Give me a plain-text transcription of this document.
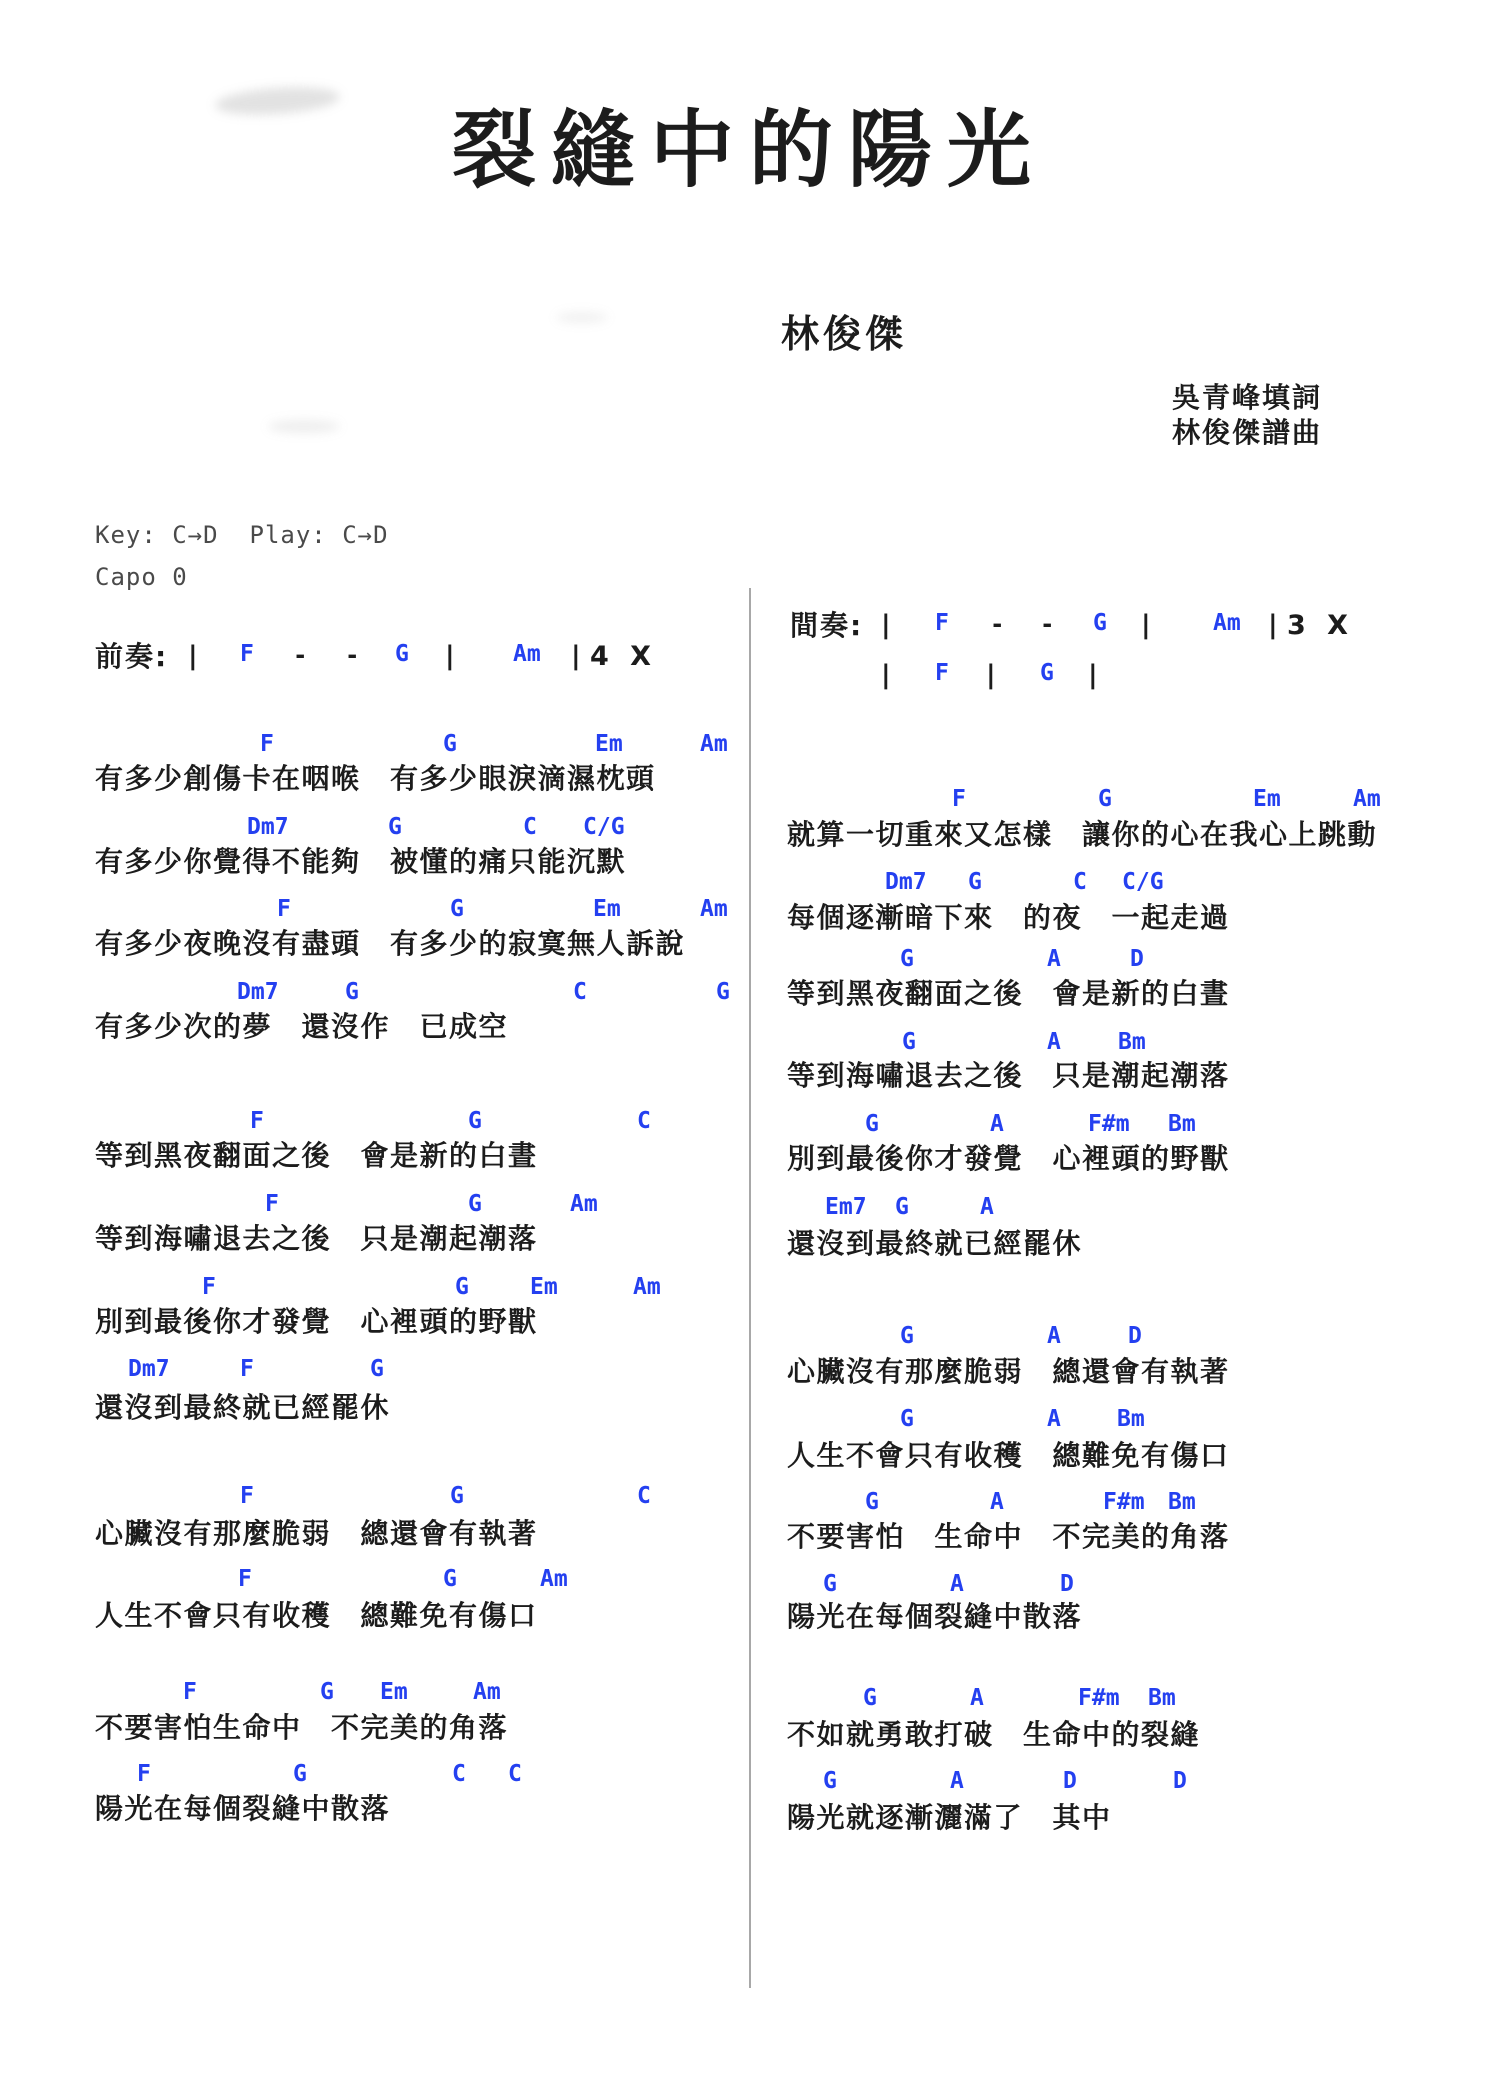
裂縫中的陽光
林俊傑
吳青峰填詞
林俊傑譜曲
Key: C→D  Play: C→D
Capo 0
前奏: | F - - G | Am | 4 X
間奏: | F - - G |	Am | 3 X
| F | G |
F	G	Em	Am
有多少創傷卡在咽喉　有多少眼淚滴濕枕頭
Dm7	G	C C/G
有多少你覺得不能夠　被懂的痛只能沉默
F	G	Em	Am
有多少夜晚沒有盡頭　有多少的寂寞無人訴說
Dm7	G	C	G
有多少次的夢　還沒作　已成空
F	G	C
等到黑夜翻面之後　會是新的白晝
F	G	Am
等到海嘯退去之後　只是潮起潮落
F	G	Em	Am
別到最後你才發覺　心裡頭的野獸
Dm7	F	G
還沒到最終就已經罷休
F	G	C
心臟沒有那麼脆弱　總還會有執著
F	G	Am
人生不會只有收穫　總難免有傷口
F	G Em	Am
不要害怕生命中　不完美的角落
F	G	C C
陽光在每個裂縫中散落
F	G	Em	Am
就算一切重來又怎樣　讓你的心在我心上跳動
Dm7 G	C C/G
每個逐漸暗下來　的夜　一起走過
G	A	D
等到黑夜翻面之後　會是新的白晝
G	A Bm
等到海嘯退去之後　只是潮起潮落
G	A	F#m Bm
別到最後你才發覺　心裡頭的野獸
Em7 G	A
還沒到最終就已經罷休
G	A	D
心臟沒有那麼脆弱　總還會有執著
G	A Bm
人生不會只有收穫　總難免有傷口
G	A	F#m Bm
不要害怕　生命中　不完美的角落
G	A	D
陽光在每個裂縫中散落
G	A	F#m Bm
不如就勇敢打破　生命中的裂縫
G	A	D	D
陽光就逐漸灑滿了　其中
